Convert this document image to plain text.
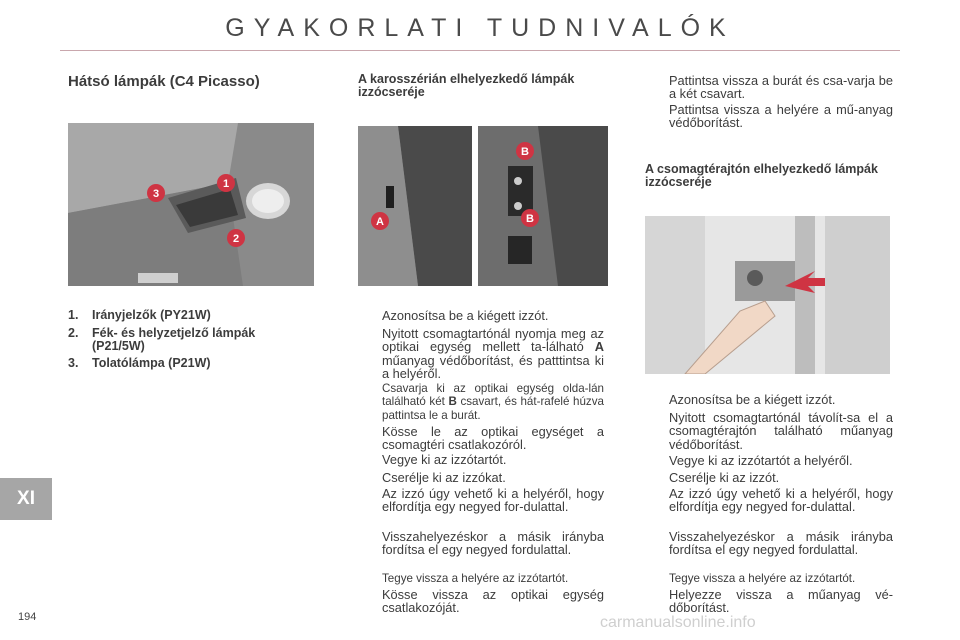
GYAKORLATI TUDNIVALÓK
Hátsó lámpák (C4 Picasso)
3
1
2
1. Irányjelzők (PY21W)
2. Fék- és helyzetjelző lámpák (P21/5W)
3. Tolatólámpa (P21W)
A karosszérián elhelyezkedő lámpák izzócseréje
A
B
B
Azonosítsa be a kiégett izzót.
Nyitott csomagtartónál nyomja meg az optikai egység mellett ta-lálható A műanyag védőborítást, és patttintsa ki a helyéről.
Csavarja ki az optikai egység olda-lán található két B csavart, és hát-rafelé húzva pattintsa le a burát.
Kösse le az optikai egységet a csomagtéri csatlakozóról.
Vegye ki az izzótartót.
Cserélje ki az izzókat.
Az izzó úgy vehető ki a helyéről, hogy elfordítja egy negyed for-dulattal.
Visszahelyezéskor a másik irányba fordítsa el egy negyed fordulattal.
Tegye vissza a helyére az izzótartót.
Kösse vissza az optikai egység csatlakozóját.
Pattintsa vissza a burát és csa-varja be a két csavart.
Pattintsa vissza a helyére a mű-anyag védőborítást.
A csomagtérajtón elhelyezkedő lámpák izzócseréje
Azonosítsa be a kiégett izzót.
Nyitott csomagtartónál távolít-sa el a csomagtérajtón található műanyag védőborítást.
Vegye ki az izzótartót a helyéről.
Cserélje ki az izzót.
Az izzó úgy vehető ki a helyéről, hogy elfordítja egy negyed for-dulattal.
Visszahelyezéskor a másik irányba fordítsa el egy negyed fordulattal.
Tegye vissza a helyére az izzótartót.
Helyezze vissza a műanyag vé-dőborítást.
XI
194	carmanualsonline.info
